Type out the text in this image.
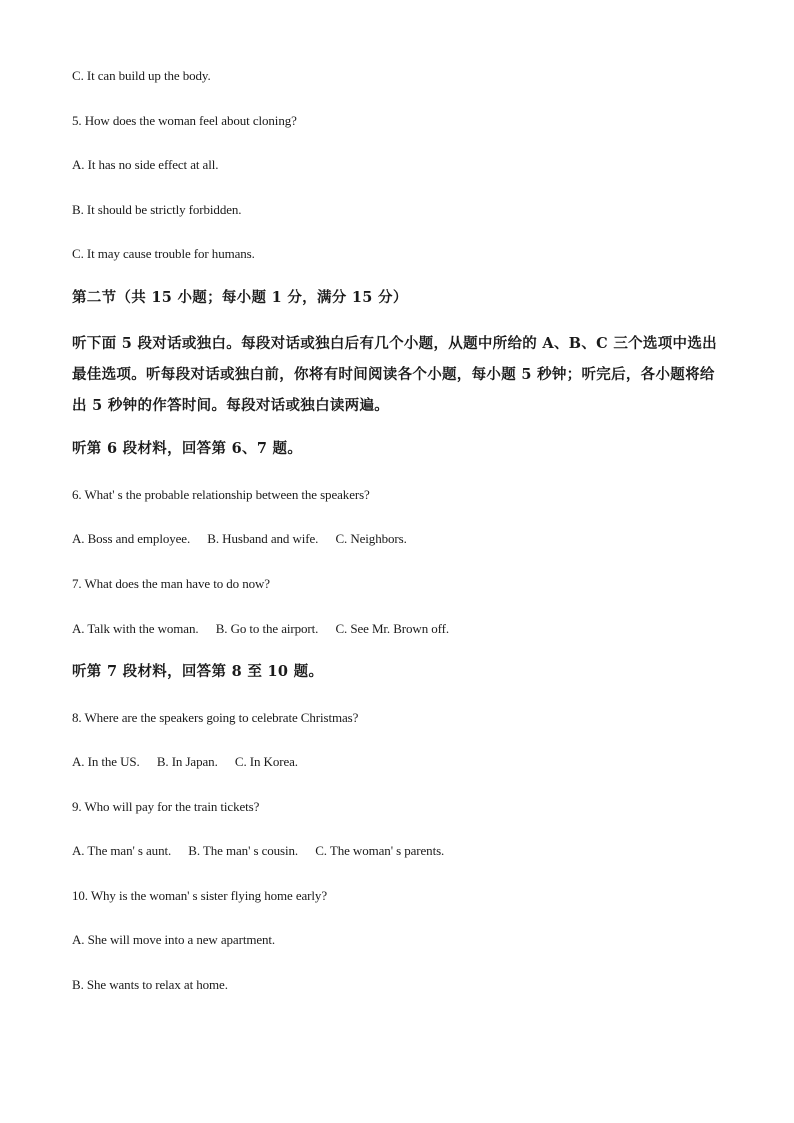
C. It can build up the body.
5. How does the woman feel about cloning?
A. It has no side effect at all.
B. It should be strictly forbidden.
C. It may cause trouble for humans.
第二节（共 15 小题；每小题 1 分，满分 15 分）
听下面 5 段对话或独白。每段对话或独白后有几个小题，从题中所给的 A、B、C 三个选项中选出最佳选项。听每段对话或独白前，你将有时间阅读各个小题，每小题 5 秒钟；听完后，各小题将给出 5 秒钟的作答时间。每段对话或独白读两遍。
听第 6 段材料，回答第 6、7 题。
6. What' s the probable relationship between the speakers?
A. Boss and employee. B. Husband and wife. C. Neighbors.
7. What does the man have to do now?
A. Talk with the woman. B. Go to the airport. C. See Mr. Brown off.
听第 7 段材料，回答第 8 至 10 题。
8. Where are the speakers going to celebrate Christmas?
A. In the US. B. In Japan. C. In Korea.
9. Who will pay for the train tickets?
A. The man' s aunt. B. The man' s cousin. C. The woman' s parents.
10. Why is the woman' s sister flying home early?
A. She will move into a new apartment.
B. She wants to relax at home.
